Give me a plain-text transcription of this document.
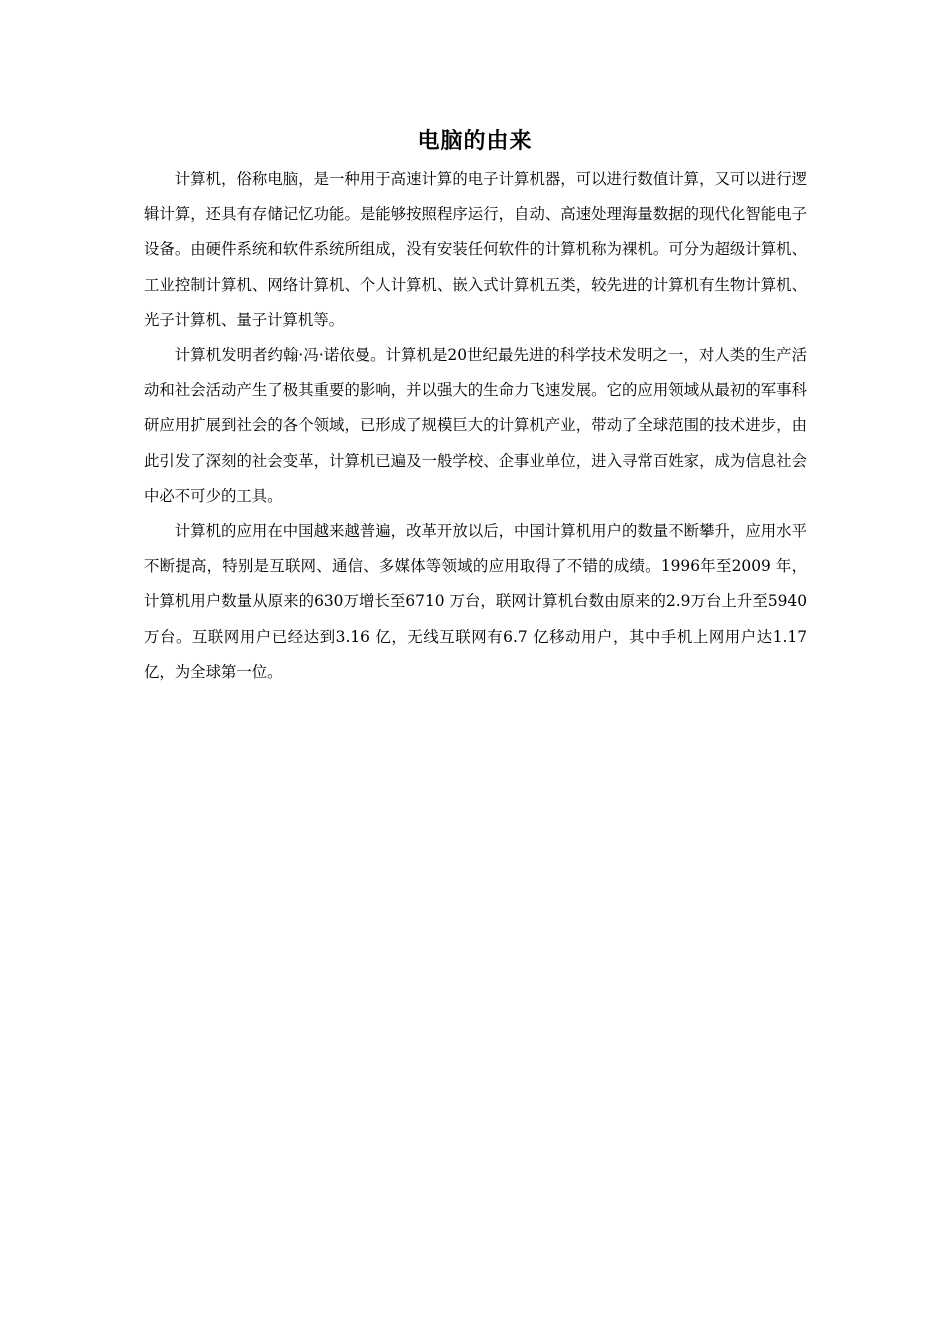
电脑的由来

计算机，俗称电脑，是一种用于高速计算的电子计算机器，可以进行数值计算，又可以进行逻辑计算，还具有存储记忆功能。是能够按照程序运行，自动、高速处理海量数据的现代化智能电子设备。由硬件系统和软件系统所组成，没有安装任何软件的计算机称为裸机。可分为超级计算机、工业控制计算机、网络计算机、个人计算机、嵌入式计算机五类，较先进的计算机有生物计算机、光子计算机、量子计算机等。

计算机发明者约翰·冯·诺依曼。计算机是20世纪最先进的科学技术发明之一，对人类的生产活动和社会活动产生了极其重要的影响，并以强大的生命力飞速发展。它的应用领域从最初的军事科研应用扩展到社会的各个领域，已形成了规模巨大的计算机产业，带动了全球范围的技术进步，由此引发了深刻的社会变革，计算机已遍及一般学校、企事业单位，进入寻常百姓家，成为信息社会中必不可少的工具。

计算机的应用在中国越来越普遍，改革开放以后，中国计算机用户的数量不断攀升，应用水平不断提高，特别是互联网、通信、多媒体等领域的应用取得了不错的成绩。1996年至2009 年，计算机用户数量从原来的630万增长至6710 万台，联网计算机台数由原来的2.9万台上升至5940万台。互联网用户已经达到3.16 亿，无线互联网有6.7 亿移动用户，其中手机上网用户达1.17 亿，为全球第一位。
